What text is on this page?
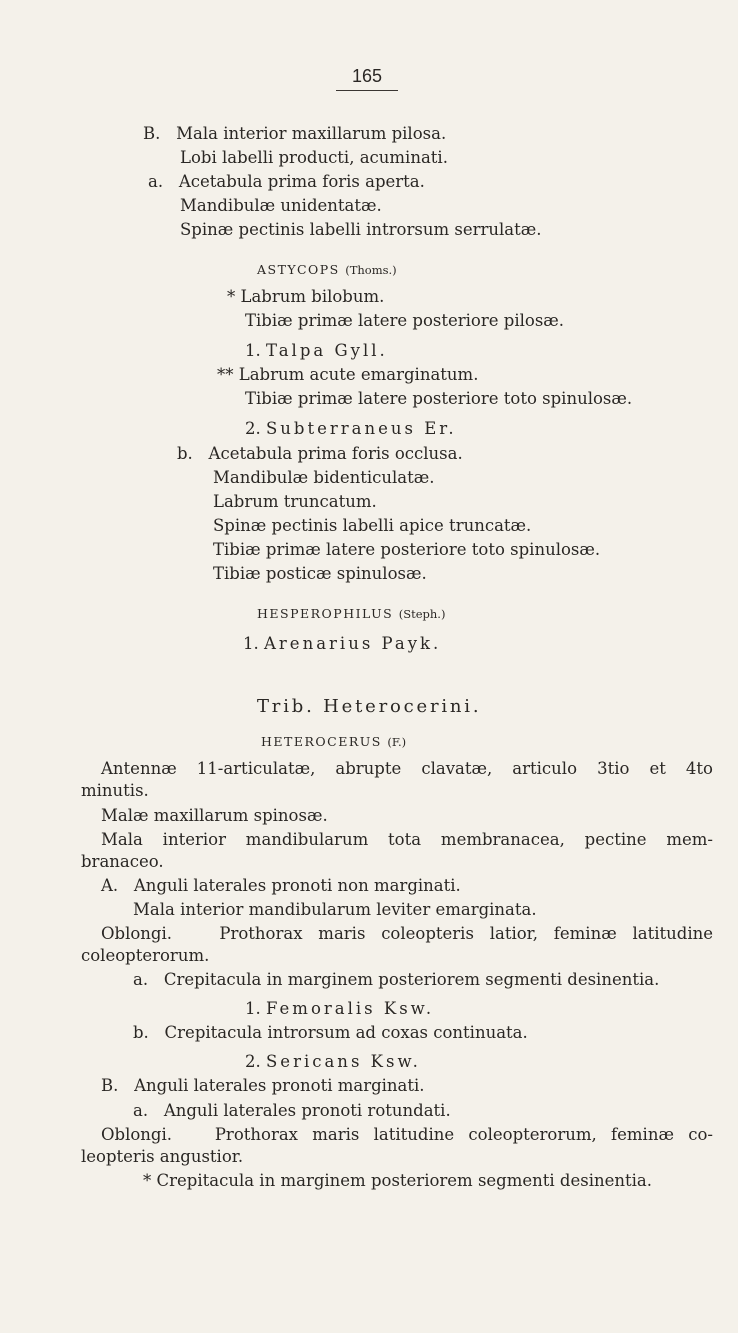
165
B.   Mala interior maxillarum pilosa.
Lobi labelli producti, acuminati.
a.   Acetabula prima foris aperta.
Mandibulæ unidentatæ.
Spinæ pectinis labelli introrsum serrulatæ.
ASTYCOPS (Thoms.)
* Labrum bilobum.
Tibiæ primæ latere posteriore pilosæ.
1. Talpa Gyll.
** Labrum acute emarginatum.
Tibiæ primæ latere posteriore toto spinulosæ.
2. Subterraneus Er.
b.   Acetabula prima foris occlusa.
Mandibulæ bidenticulatæ.
Labrum truncatum.
Spinæ pectinis labelli apice truncatæ.
Tibiæ primæ latere posteriore toto spinulosæ.
Tibiæ posticæ spinulosæ.
HESPEROPHILUS (Steph.)
1. Arenarius Payk.
Trib. Heterocerini.
HETEROCERUS (F.)
Antennæ 11-articulatæ, abrupte clavatæ, articulo 3tio et 4to
minutis.
Malæ maxillarum spinosæ.
Mala interior mandibularum tota membranacea, pectine mem-
branaceo.
A.   Anguli laterales pronoti non marginati.
Mala interior mandibularum leviter emarginata.
Oblongi.   Prothorax maris coleopteris latior, feminæ latitudine
coleopterorum.
a.   Crepitacula in marginem posteriorem segmenti desinentia.
1. Femoralis Ksw.
b.   Crepitacula introrsum ad coxas continuata.
2. Sericans Ksw.
B.   Anguli laterales pronoti marginati.
a.   Anguli laterales pronoti rotundati.
Oblongi.   Prothorax maris latitudine coleopterorum, feminæ co-
leopteris angustior.
* Crepitacula in marginem posteriorem segmenti desinentia.
